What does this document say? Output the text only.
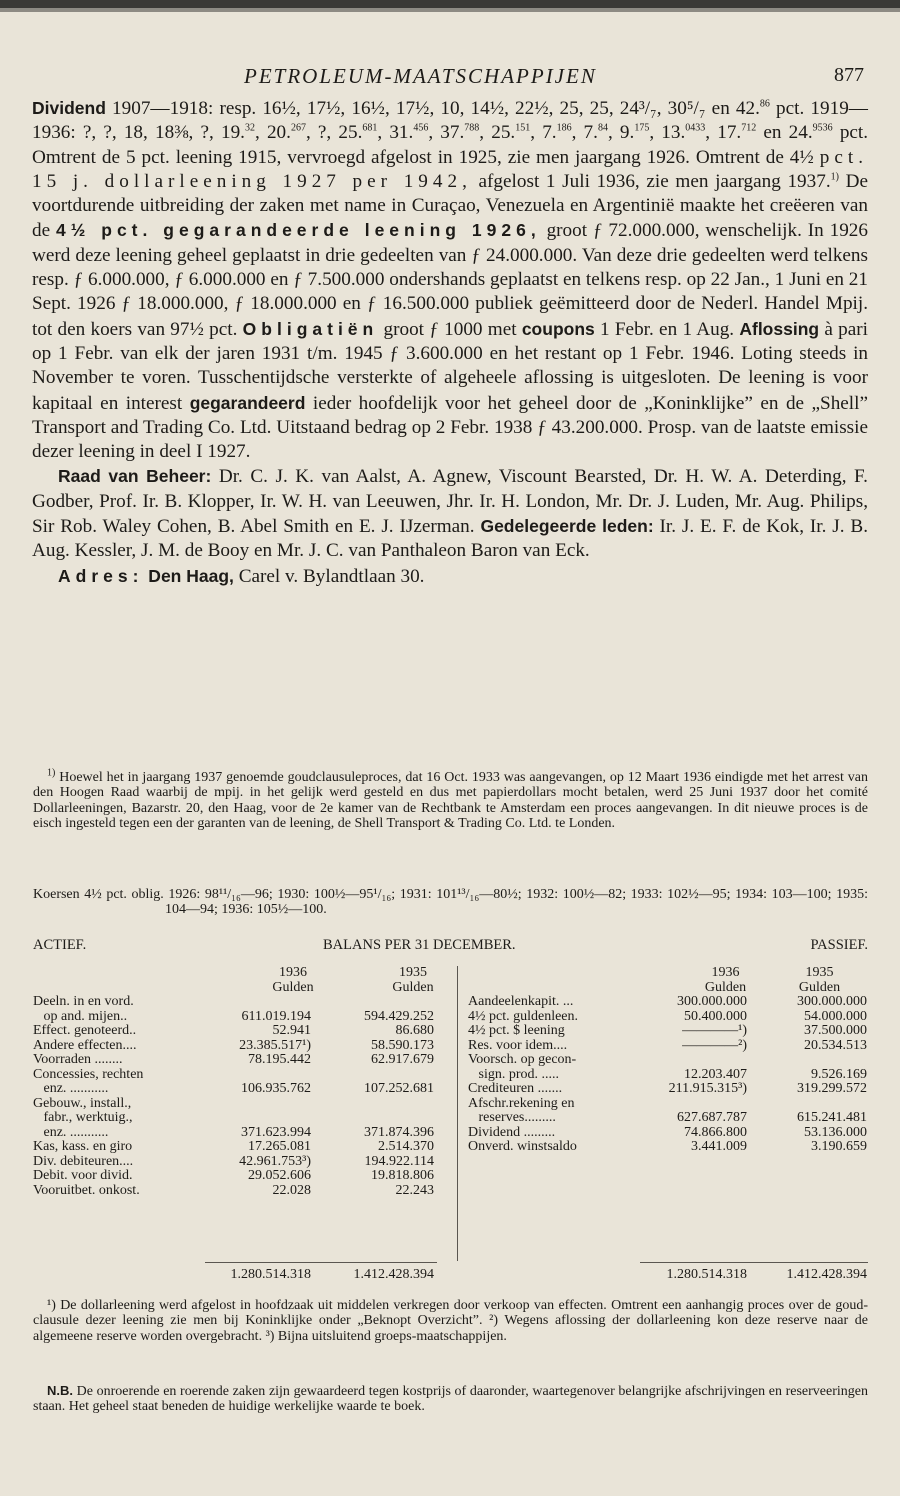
PETROLEUM-MAATSCHAPPIJEN	877

Dividend 1907—1918: resp. 16½, 17½, 16½, 17½, 10, 14½, 22½, 25, 25, 24³/₇, 30⁵/₇ en 42.86 pct. 1919—1936: ?, ?, 18, 18⅜, ?, 19.32, 20.$^{267}$, ?, 25.$^{681}$, 31.$^{456}$, 37.$^{788}$, 25.$^{151}$, 7.$^{186}$, 7.84, 9.$^{175}$, 13.$^{0433}$, 17.$^{712}$ en 24.$^{9536}$ pct. Omtrent de 5 pct. leening 1915, vervroegd afgelost in 1925, zie men jaargang 1926. Omtrent de 4½ pct. 15 j. dollarleening 1927 per 1942, afgelost 1 Juli 1936, zie men jaargang 1937.$^{1)}$ De voortdurende uitbreiding der zaken met name in Curaçao, Venezuela en Argentinië maakte het creëeren van de 4½ pct. gegarandeerde leening 1926, groot ƒ 72.000.000, wenschelijk. In 1926 werd deze leening geheel geplaatst in drie gedeelten van ƒ 24.000.000. Van deze drie gedeelten werd telkens resp. ƒ 6.000.000, ƒ 6.000.000 en ƒ 7.500.000 ondershands geplaatst en telkens resp. op 22 Jan., 1 Juni en 21 Sept. 1926 ƒ 18.000.000, ƒ 18.000.000 en ƒ 16.500.000 publiek geëmitteerd door de Nederl. Handel Mpij. tot den koers van 97½ pct. Obligatiën groot ƒ 1000 met coupons 1 Febr. en 1 Aug. Aflossing à pari op 1 Febr. van elk der jaren 1931 t/m. 1945 ƒ 3.600.000 en het restant op 1 Febr. 1946. Loting steeds in November te voren. Tusschentijdsche versterkte of algeheele aflossing is uitgesloten. De leening is voor kapitaal en interest gegarandeerd ieder hoofdelijk voor het geheel door de „Koninklijke” en de „Shell” Transport and Trading Co. Ltd. Uitstaand bedrag op 2 Febr. 1938 ƒ 43.200.000. Prosp. van de laatste emissie dezer leening in deel I 1927.

Raad van Beheer: Dr. C. J. K. van Aalst, A. Agnew, Viscount Bearsted, Dr. H. W. A. Deterding, F. Godber, Prof. Ir. B. Klopper, Ir. W. H. van Leeuwen, Jhr. Ir. H. London, Mr. Dr. J. Luden, Mr. Aug. Philips, Sir Rob. Waley Cohen, B. Abel Smith en E. J. IJzerman. Gedelegeerde leden: Ir. J. E. F. de Kok, Ir. J. B. Aug. Kessler, J. M. de Booy en Mr. J. C. van Panthaleon Baron van Eck.

Adres: Den Haag, Carel v. Bylandtlaan 30.

$^{1)}$ Hoewel het in jaargang 1937 genoemde goudclausuleproces, dat 16 Oct. 1933 was aangevangen, op 12 Maart 1936 eindigde met het arrest van den Hoogen Raad waarbij de mpij. in het gelijk werd gesteld en dus met papierdollars mocht betalen, werd 25 Juni 1937 door het comité Dollarleeningen, Bazarstr. 20, den Haag, voor de 2e kamer van de Rechtbank te Amsterdam een proces aangevangen. In dit nieuwe proces is de eisch ingesteld tegen een der garanten van de leening, de Shell Transport & Trading Co. Ltd. te Londen.

Koersen 4½ pct. oblig. 1926: 98¹¹/₁₆—96; 1930: 100½—95¹/₁₆; 1931: 101¹³/₁₆—80½; 1932: 100½—82; 1933: 102½—95; 1934: 103—100; 1935: 104—94; 1936: 105½—100.

ACTIEF.	BALANS PER 31 DECEMBER.	PASSIEF.
1936	1935
Gulden	Gulden
Deeln. in en vord.
op and. mijen..	611.019.194	594.429.252
Effect. genoteerd..	52.941	86.680
Andere effecten....	23.385.517¹)	58.590.173
Voorraden ........	78.195.442	62.917.679
Concessies, rechten
enz. ...........	106.935.762	107.252.681
Gebouw., install.,
fabr., werktuig.,
enz. ...........	371.623.994	371.874.396
Kas, kass. en giro	17.265.081	2.514.370
Div. debiteuren....	42.961.753³)	194.922.114
Debit. voor divid.	29.052.606	19.818.806
Vooruitbet. onkost.	22.028	22.243
1936	1935
Gulden	Gulden
Aandeelenkapit. ...	300.000.000	300.000.000
4½ pct. guldenleen.	50.400.000	54.000.000
4½ pct. $ leening	————¹)	37.500.000
Res. voor idem....	————²)	20.534.513
Voorsch. op gecon-
sign. prod. .....	12.203.407	9.526.169
Crediteuren .......	211.915.315³)	319.299.572
Afschr.rekening en
reserves.........	627.687.787	615.241.481
Dividend .........	74.866.800	53.136.000
Onverd. winstsaldo	3.441.009	3.190.659
1.280.514.318	1.412.428.394	1.280.514.318	1.412.428.394

¹) De dollarleening werd afgelost in hoofdzaak uit middelen verkregen door verkoop van effecten. Omtrent een aanhangig proces over de goud-clausule dezer leening zie men bij Koninklijke onder „Beknopt Overzicht”. ²) Wegens aflossing der dollarleening kon deze reserve naar de algemeene reserve worden overgebracht. ³) Bijna uitsluitend groeps-maatschappijen.

N.B. De onroerende en roerende zaken zijn gewaardeerd tegen kostprijs of daaronder, waartegenover belangrijke afschrijvingen en reserveeringen staan. Het geheel staat beneden de huidige werkelijke waarde te boek.
